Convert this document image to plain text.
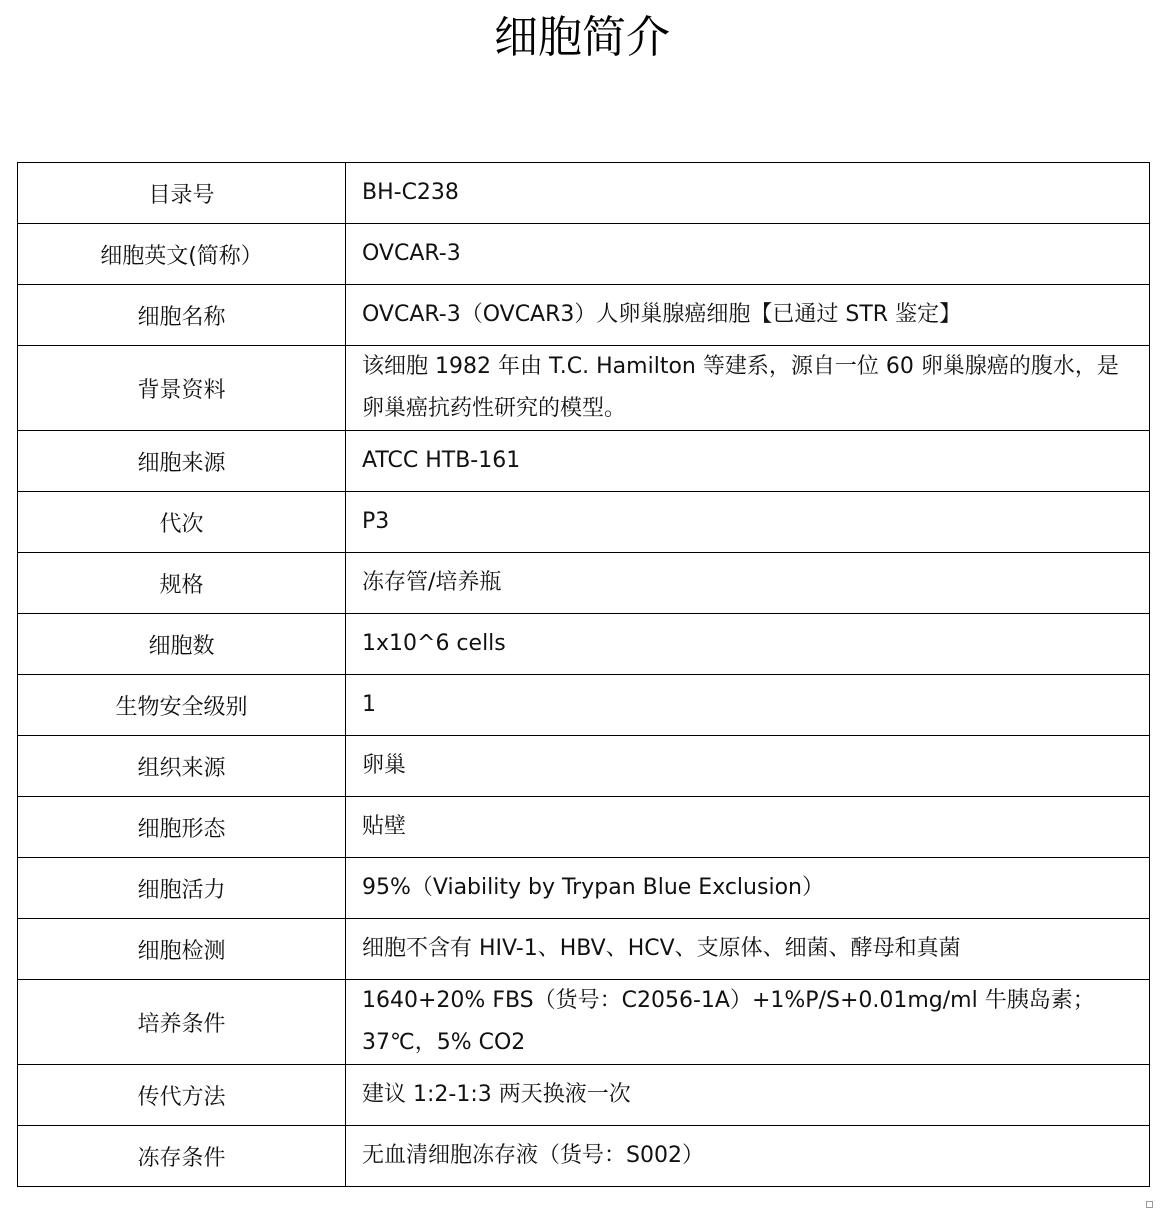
细胞简介
目录号	BH-C238
细胞英文(简称）	OVCAR-3
细胞名称	OVCAR-3（OVCAR3）人卵巢腺癌细胞【已通过 STR 鉴定】
背景资料	该细胞 1982 年由 T.C. Hamilton 等建系，源自一位 60 卵巢腺癌的腹水，是卵巢癌抗药性研究的模型。
细胞来源	ATCC HTB-161
代次	P3
规格	冻存管/培养瓶
细胞数	1x10^6 cells
生物安全级别	1
组织来源	卵巢
细胞形态	贴壁
细胞活力	95%（Viability by Trypan Blue Exclusion）
细胞检测	细胞不含有 HIV-1、HBV、HCV、支原体、细菌、酵母和真菌
培养条件	1640+20% FBS（货号：C2056-1A）+1%P/S+0.01mg/ml 牛胰岛素；37℃，5% CO2
传代方法	建议 1:2-1:3 两天换液一次
冻存条件	无血清细胞冻存液（货号：S002）
